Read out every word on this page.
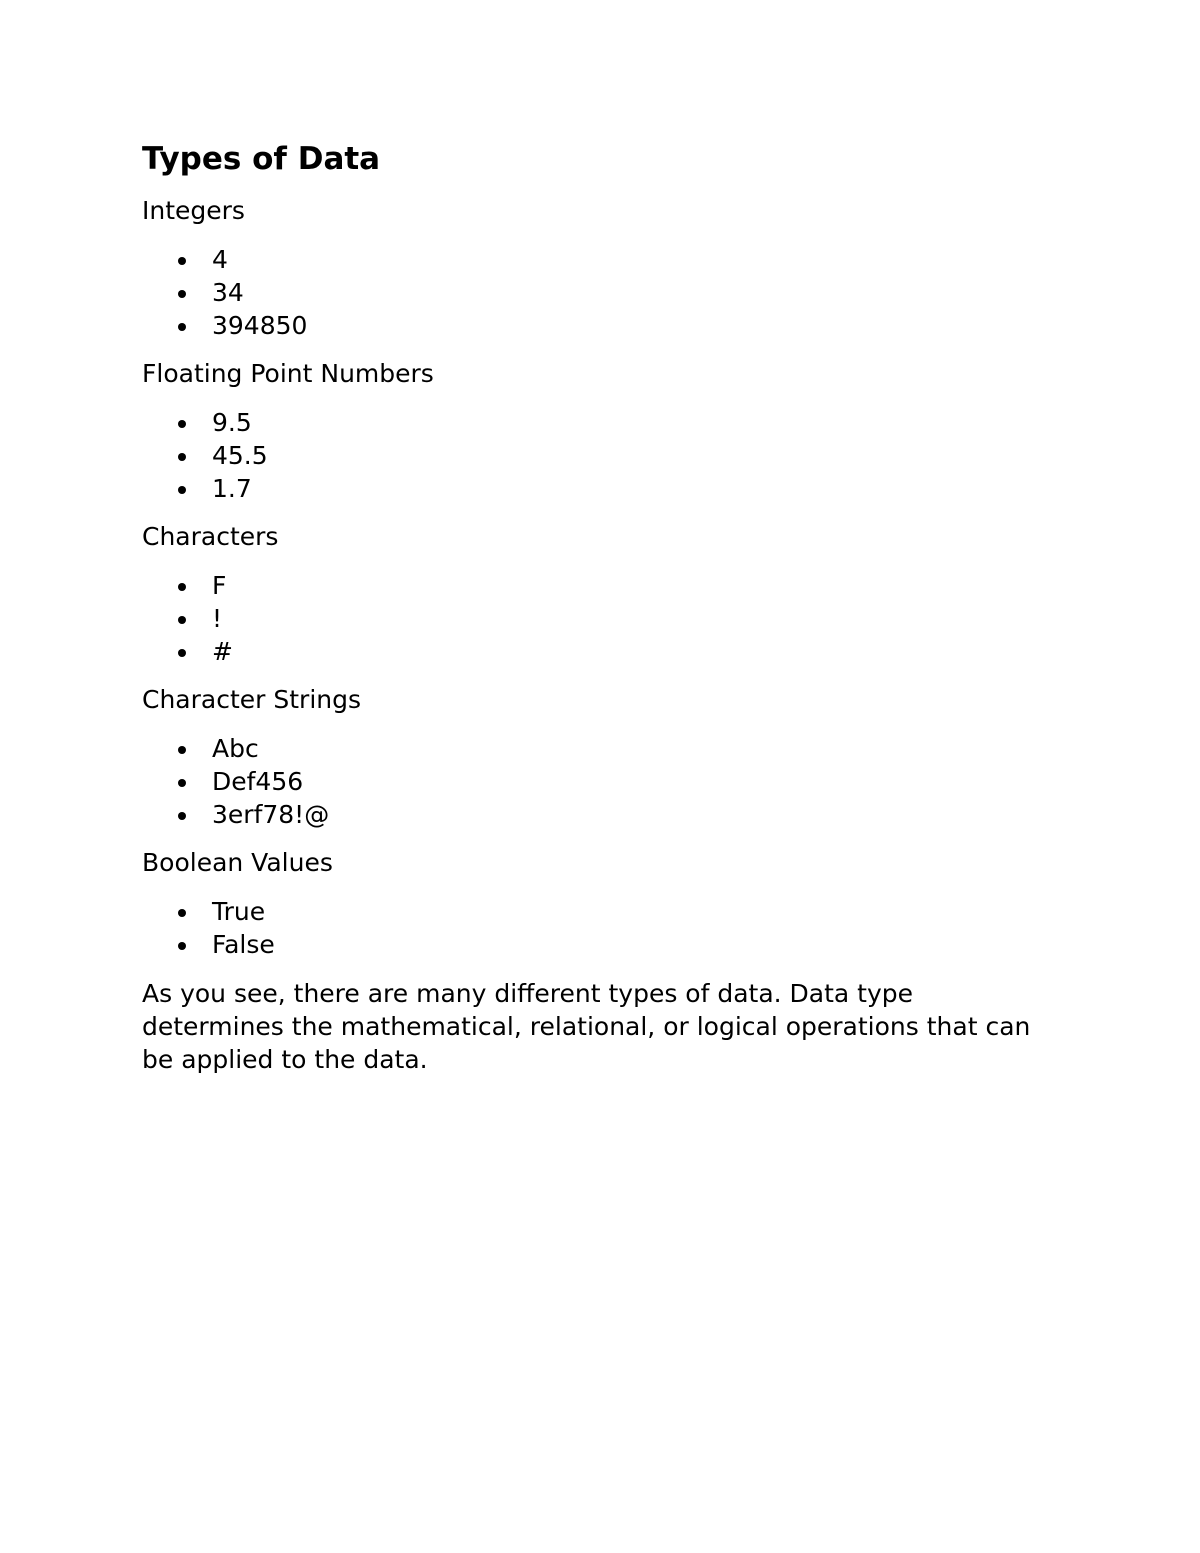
Types of Data

Integers

4
34
394850

Floating Point Numbers

9.5
45.5
1.7

Characters

F
!
#

Character Strings

Abc
Def456
3erf78!@

Boolean Values

True
False

As you see, there are many different types of data. Data type determines the mathematical, relational, or logical operations that can be applied to the data.
